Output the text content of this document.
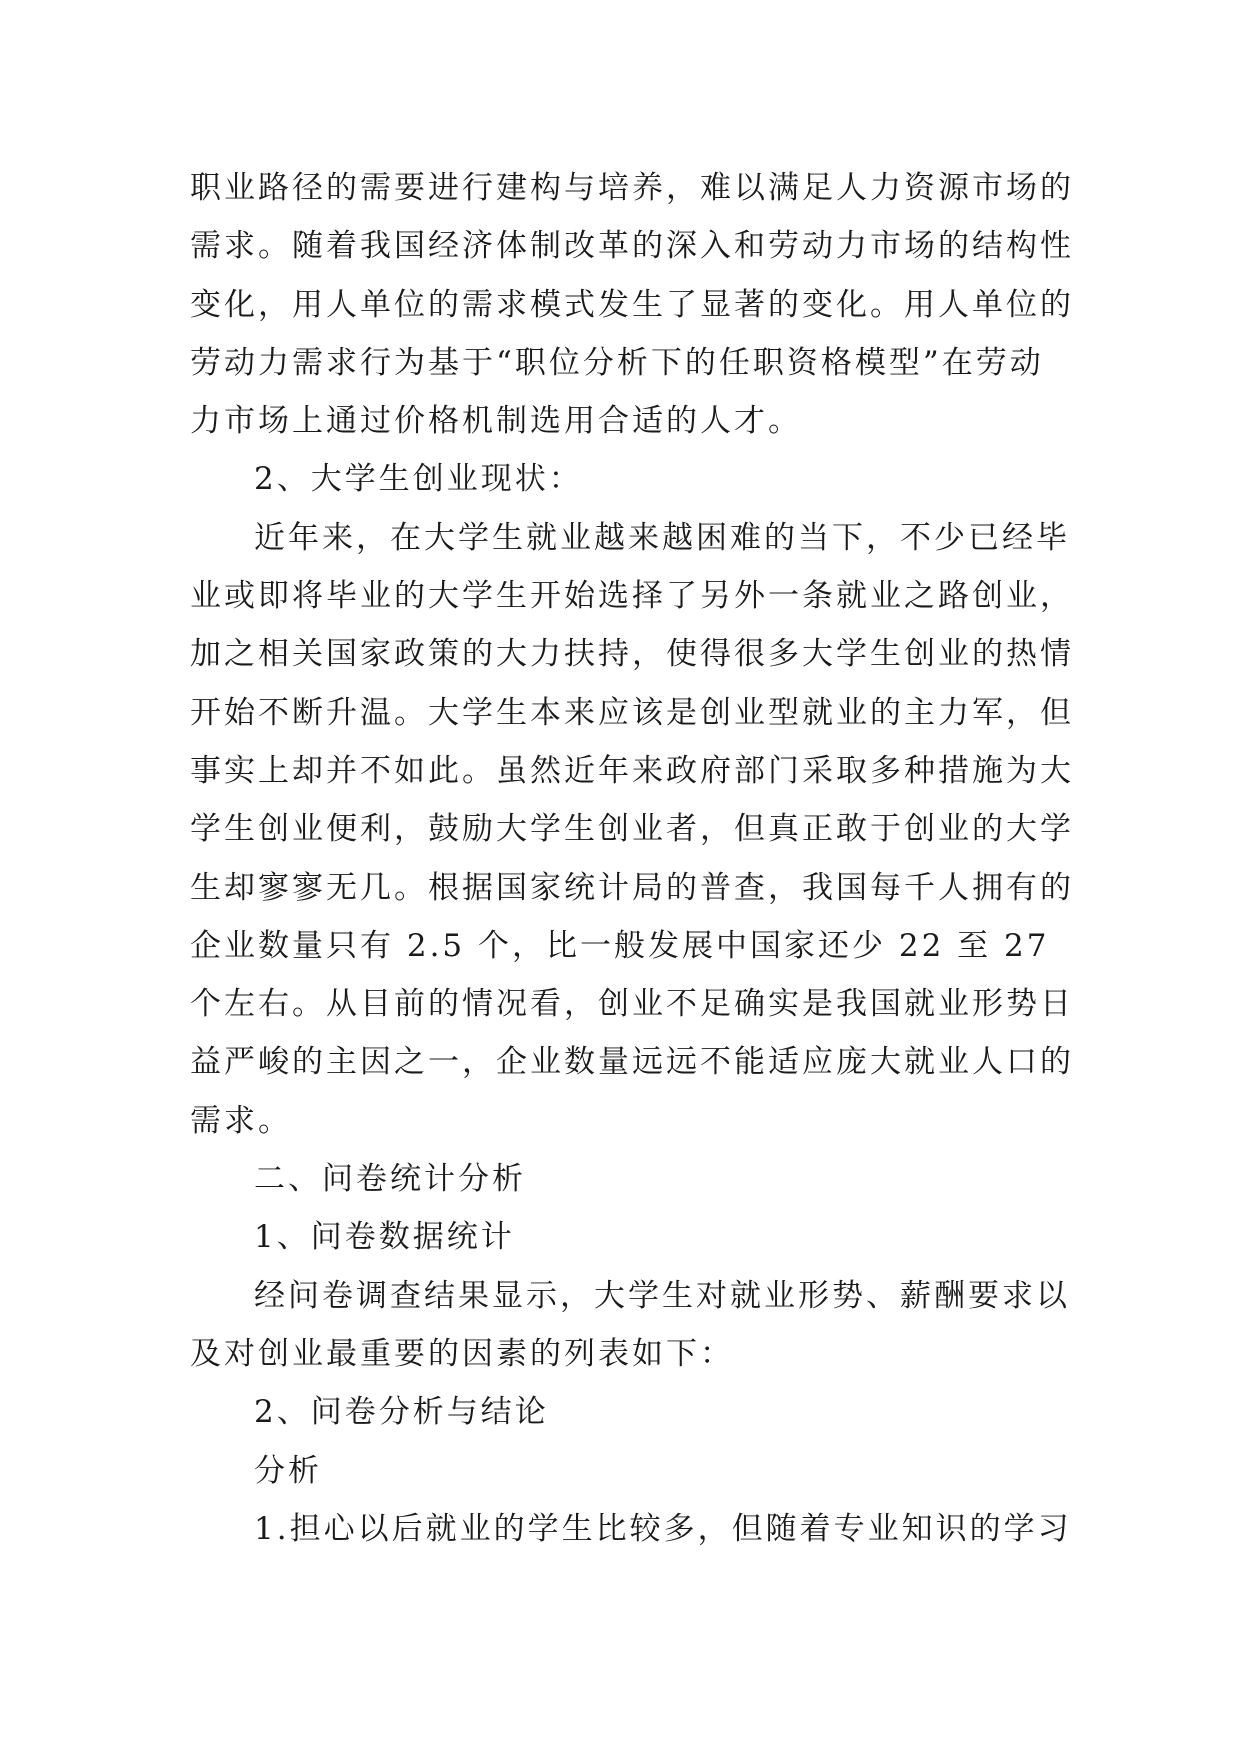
职业路径的需要进行建构与培养，难以满足人力资源市场的
需求。随着我国经济体制改革的深入和劳动力市场的结构性
变化，用人单位的需求模式发生了显著的变化。用人单位的
劳动力需求行为基于“职位分析下的任职资格模型”在劳动
力市场上通过价格机制选用合适的人才。
2、大学生创业现状：
近年来，在大学生就业越来越困难的当下，不少已经毕
业或即将毕业的大学生开始选择了另外一条就业之路创业，
加之相关国家政策的大力扶持，使得很多大学生创业的热情
开始不断升温。大学生本来应该是创业型就业的主力军，但
事实上却并不如此。虽然近年来政府部门采取多种措施为大
学生创业便利，鼓励大学生创业者，但真正敢于创业的大学
生却寥寥无几。根据国家统计局的普查，我国每千人拥有的
企业数量只有 2.5 个，比一般发展中国家还少 22 至 27
个左右。从目前的情况看，创业不足确实是我国就业形势日
益严峻的主因之一，企业数量远远不能适应庞大就业人口的
需求。
二、问卷统计分析
1、问卷数据统计
经问卷调查结果显示，大学生对就业形势、薪酬要求以
及对创业最重要的因素的列表如下：
2、问卷分析与结论
分析
1.担心以后就业的学生比较多，但随着专业知识的学习
